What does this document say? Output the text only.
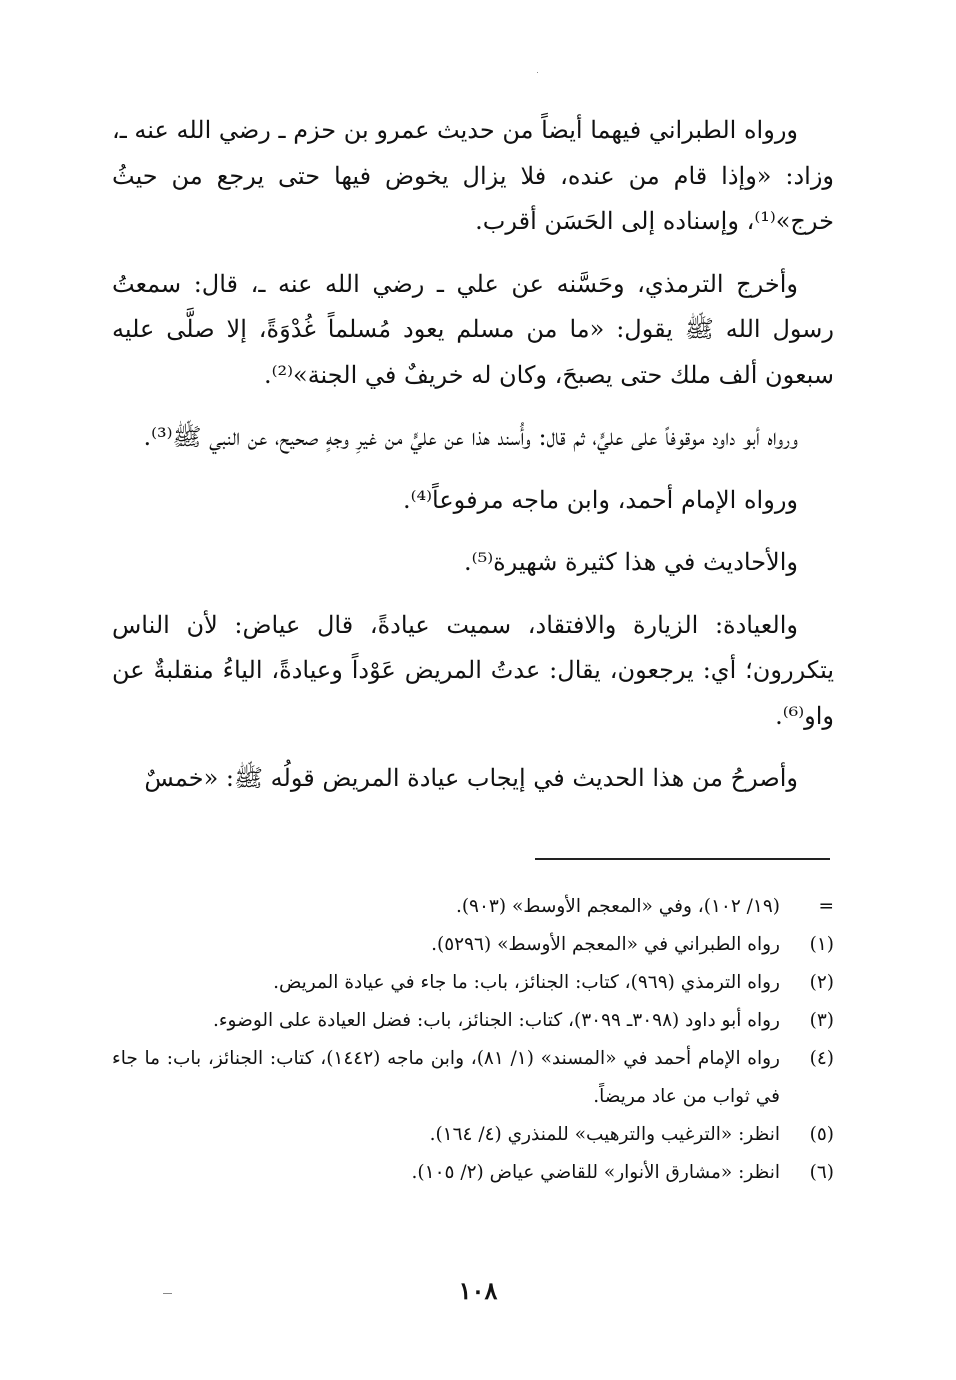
ورواه الطبراني فيهما أيضاً من حديث عمرو بن حزم ـ رضي الله عنه ـ، وزاد: «وإذا قام من عنده، فلا يزال يخوض فيها حتى يرجع من حيثُ خرج»⁽¹⁾، وإسناده إلى الحَسَن أقرب.

وأخرج الترمذي، وحَسَّنه عن علي ـ رضي الله عنه ـ، قال: سمعتُ رسول الله ﷺ يقول: «ما من مسلم يعود مُسلماً غُدْوَةً، إلا صلَّى عليه سبعون ألف ملك حتى يصبحَ، وكان له خريفٌ في الجنة»⁽²⁾.

ورواه أبو داود موقوفاً على عليٍّ، ثم قال: وأُسند هذا عن عليٍّ من غيرِ وجهٍ صحيح، عن النبي ﷺ⁽³⁾.

ورواه الإمام أحمد، وابن ماجه مرفوعاً⁽⁴⁾.

والأحاديث في هذا كثيرة شهيرة⁽⁵⁾.

والعيادة: الزيارة والافتقاد، سميت عيادةً، قال عياض: لأن الناس يتكررون؛ أي: يرجعون، يقال: عدتُ المريض عَوْداً وعيادةً، الياءُ منقلبةٌ عن واو⁽⁶⁾.

وأصرحُ من هذا الحديث في إيجاب عيادة المريض قولُه ﷺ: «خمسٌ

=
(١٩/ ١٠٢)، وفي «المعجم الأوسط» (٩٠٣).
(١)
رواه الطبراني في «المعجم الأوسط» (٥٢٩٦).
(٢)
رواه الترمذي (٩٦٩)، كتاب: الجنائز، باب: ما جاء في عيادة المريض.
(٣)
رواه أبو داود (٣٠٩٨ـ ٣٠٩٩)، كتاب: الجنائز، باب: فضل العيادة على الوضوء.
(٤)
رواه الإمام أحمد في «المسند» (١/ ٨١)، وابن ماجه (١٤٤٢)، كتاب: الجنائز، باب: ما جاء في ثواب من عاد مريضاً.
(٥)
انظر: «الترغيب والترهيب» للمنذري (٤/ ١٦٤).
(٦)
انظر: «مشارق الأنوار» للقاضي عياض (٢/ ١٠٥).
١٠٨
